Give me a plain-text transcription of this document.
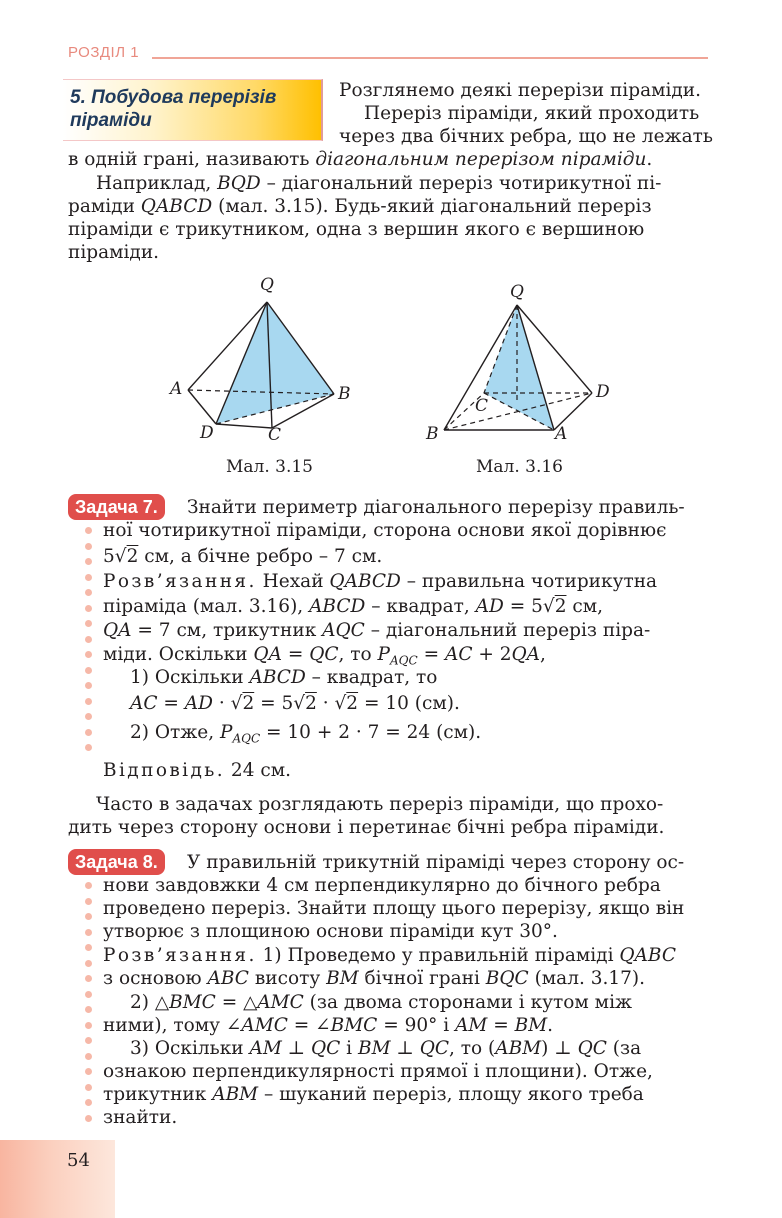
РОЗДІЛ 1
5. Побудова перерізів
піраміди
Розглянемо деякі перерізи піраміди.
Переріз піраміди, який проходить
через два бічних ребра, що не лежать
в одній грані, називають діагональним перерізом піраміди.
Наприклад, BQD – діагональний переріз чотирикутної пі-
раміди QABCD (мал. 3.15). Будь-який діагональний переріз
піраміди є трикутником, одна з вершин якого є вершиною
піраміди.
Q
A	B
D	C
Мал. 3.15
Q
C
D
B	A
Мал. 3.16
Задача 7.	Знайти периметр діагонального перерізу правиль-
ної чотирикутної піраміди, сторона основи якої дорівнює
5√2 см, а бічне ребро – 7 см.
Розв’язання. Нехай QABCD – правильна чотирикутна
піраміда (мал. 3.16), ABCD – квадрат, AD = 5√2 см,
QA = 7 см, трикутник AQC – діагональний переріз піра-
міди. Оскільки QA = QC, то $P_{AQC}$ = AC + 2QA,
1) Оскільки ABCD – квадрат, то
AC = AD · √2 = 5√2 · √2 = 10 (см).
2) Отже, $P_{AQC} = 10 + 2 \cdot 7 = 24$ (см).
Відповідь. 24 см.
Часто в задачах розглядають переріз піраміди, що прохо-
дить через сторону основи і перетинає бічні ребра піраміди.
Задача 8.	У правильній трикутній піраміді через сторону ос-
нови завдовжки 4 см перпендикулярно до бічного ребра
проведено переріз. Знайти площу цього перерізу, якщо він
утворює з площиною основи піраміди кут 30°.
Розв’язання. 1) Проведемо у правильній піраміді QABC
з основою ABC висоту BM бічної грані BQC (мал. 3.17).
2) △BMC = △AMC (за двома сторонами і кутом між
ними), тому ∠AMC = ∠BMC = 90° і AM = BM.
3) Оскільки AM ⊥ QC і BM ⊥ QC, то (ABM) ⊥ QC (за
ознакою перпендикулярності прямої і площини). Отже,
трикутник ABM – шуканий переріз, площу якого треба
знайти.
54
